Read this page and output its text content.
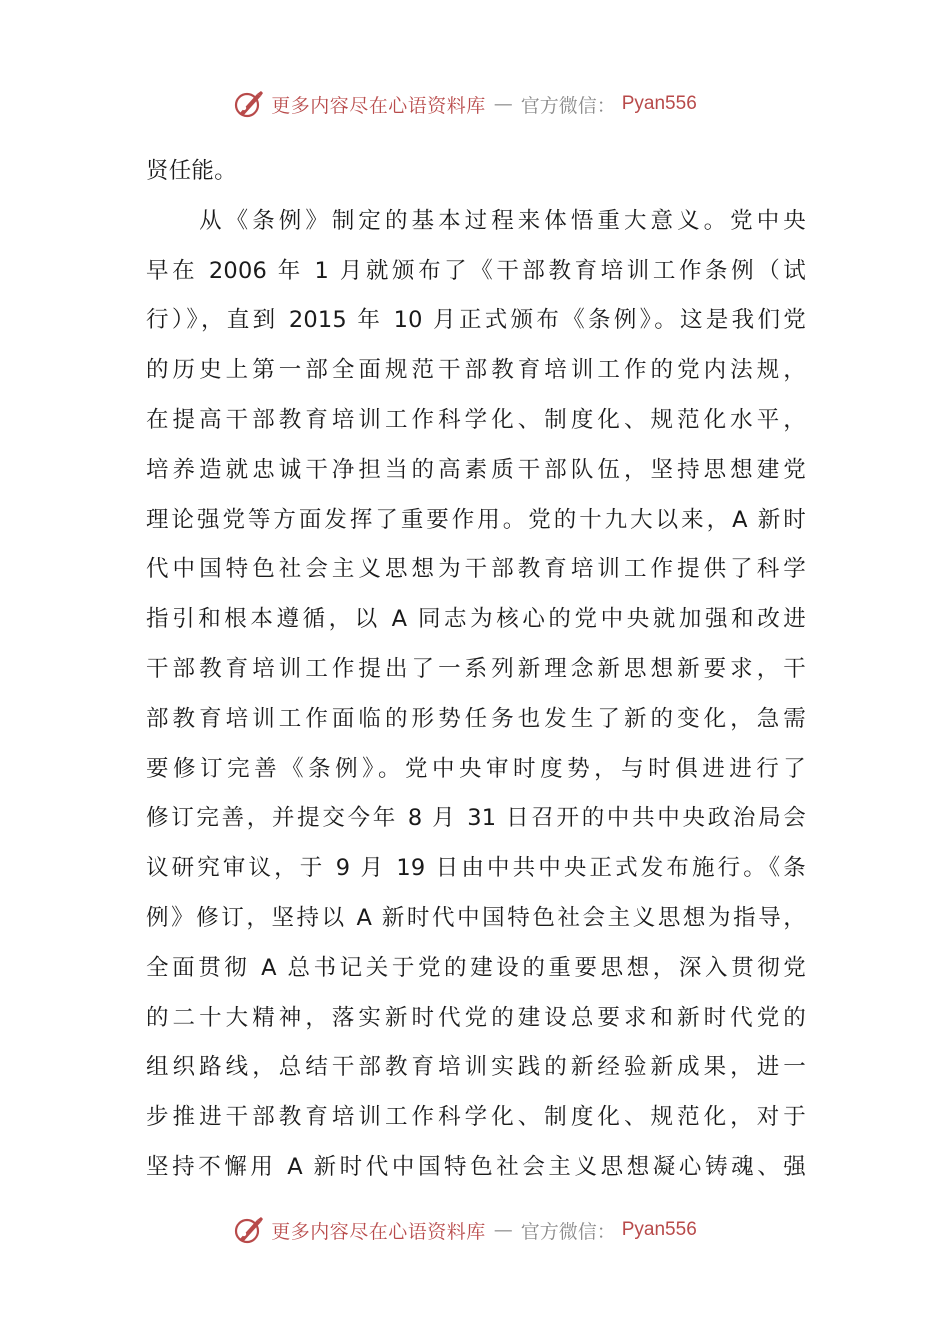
更多内容尽在心语资料库 — 官方微信： Pyan556
贤任能。
　　从《条例》制定的基本过程来体悟重大意义。党中央
早在 2006 年 1 月就颁布了《干部教育培训工作条例（试
行）》，直到 2015 年 10 月正式颁布《条例》。这是我们党
的历史上第一部全面规范干部教育培训工作的党内法规，
在提高干部教育培训工作科学化、制度化、规范化水平，
培养造就忠诚干净担当的高素质干部队伍，坚持思想建党
理论强党等方面发挥了重要作用。党的十九大以来，A 新时
代中国特色社会主义思想为干部教育培训工作提供了科学
指引和根本遵循，以 A 同志为核心的党中央就加强和改进
干部教育培训工作提出了一系列新理念新思想新要求，干
部教育培训工作面临的形势任务也发生了新的变化，急需
要修订完善《条例》。党中央审时度势，与时俱进进行了
修订完善，并提交今年 8 月 31 日召开的中共中央政治局会
议研究审议，于 9 月 19 日由中共中央正式发布施行。《条
例》修订，坚持以 A 新时代中国特色社会主义思想为指导，
全面贯彻 A 总书记关于党的建设的重要思想，深入贯彻党
的二十大精神，落实新时代党的建设总要求和新时代党的
组织路线，总结干部教育培训实践的新经验新成果，进一
步推进干部教育培训工作科学化、制度化、规范化，对于
坚持不懈用 A 新时代中国特色社会主义思想凝心铸魂、强
更多内容尽在心语资料库 — 官方微信： Pyan556
